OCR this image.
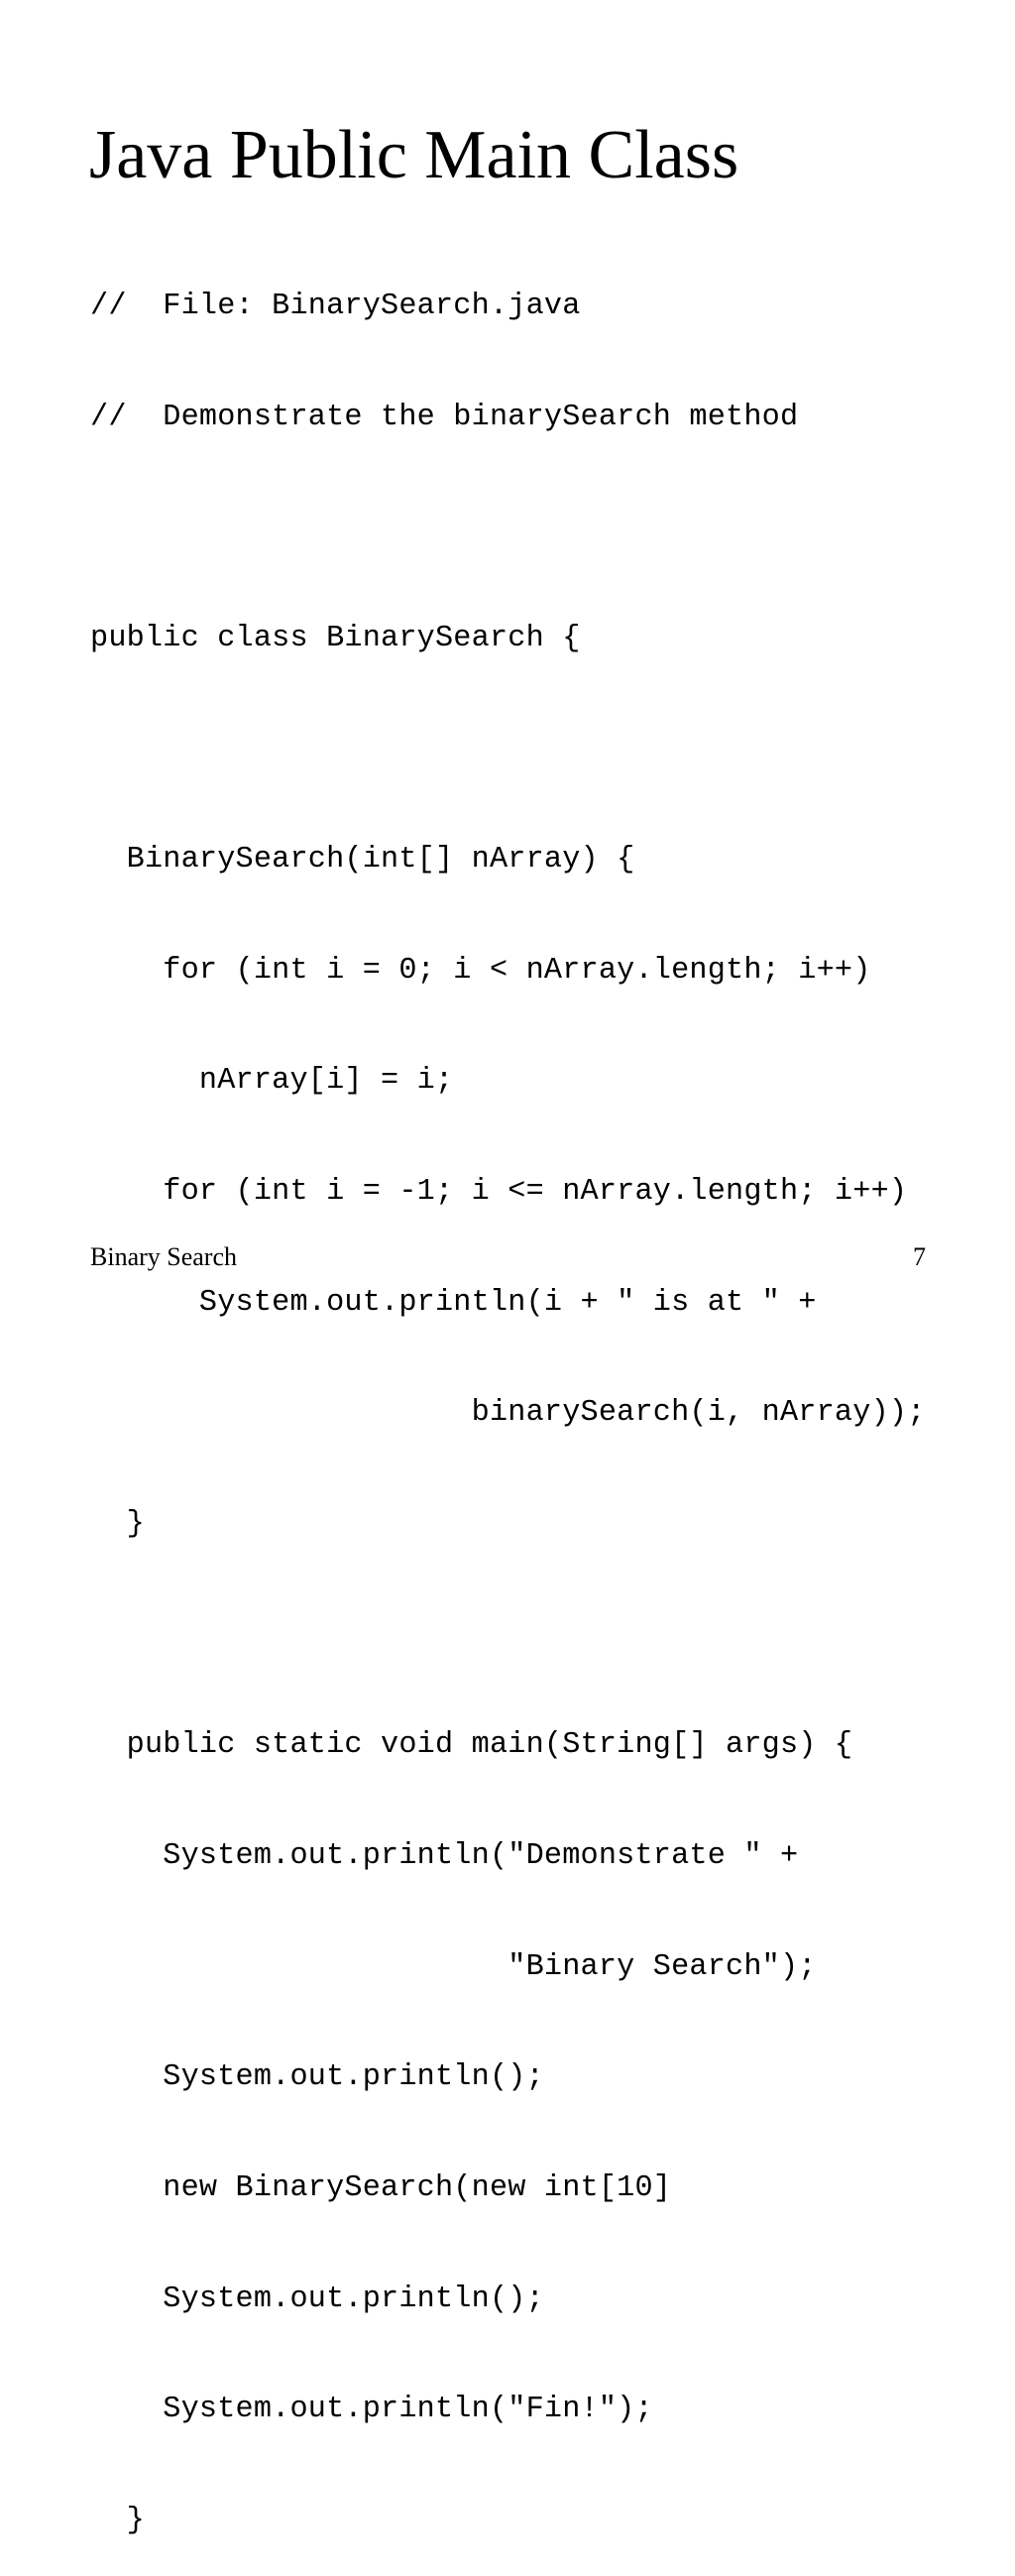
Java Public Main Class

//  File: BinarySearch.java

//  Demonstrate the binarySearch method

public class BinarySearch {

BinarySearch(int[] nArray) {

for (int i = 0; i < nArray.length; i++)

nArray[i] = i;

for (int i = -1; i <= nArray.length; i++)

System.out.println(i + " is at " +

binarySearch(i, nArray));

}

public static void main(String[] args) {

System.out.println("Demonstrate " +

"Binary Search");

System.out.println();

new BinarySearch(new int[10]

System.out.println();

System.out.println("Fin!");

}

Binary Search	7
